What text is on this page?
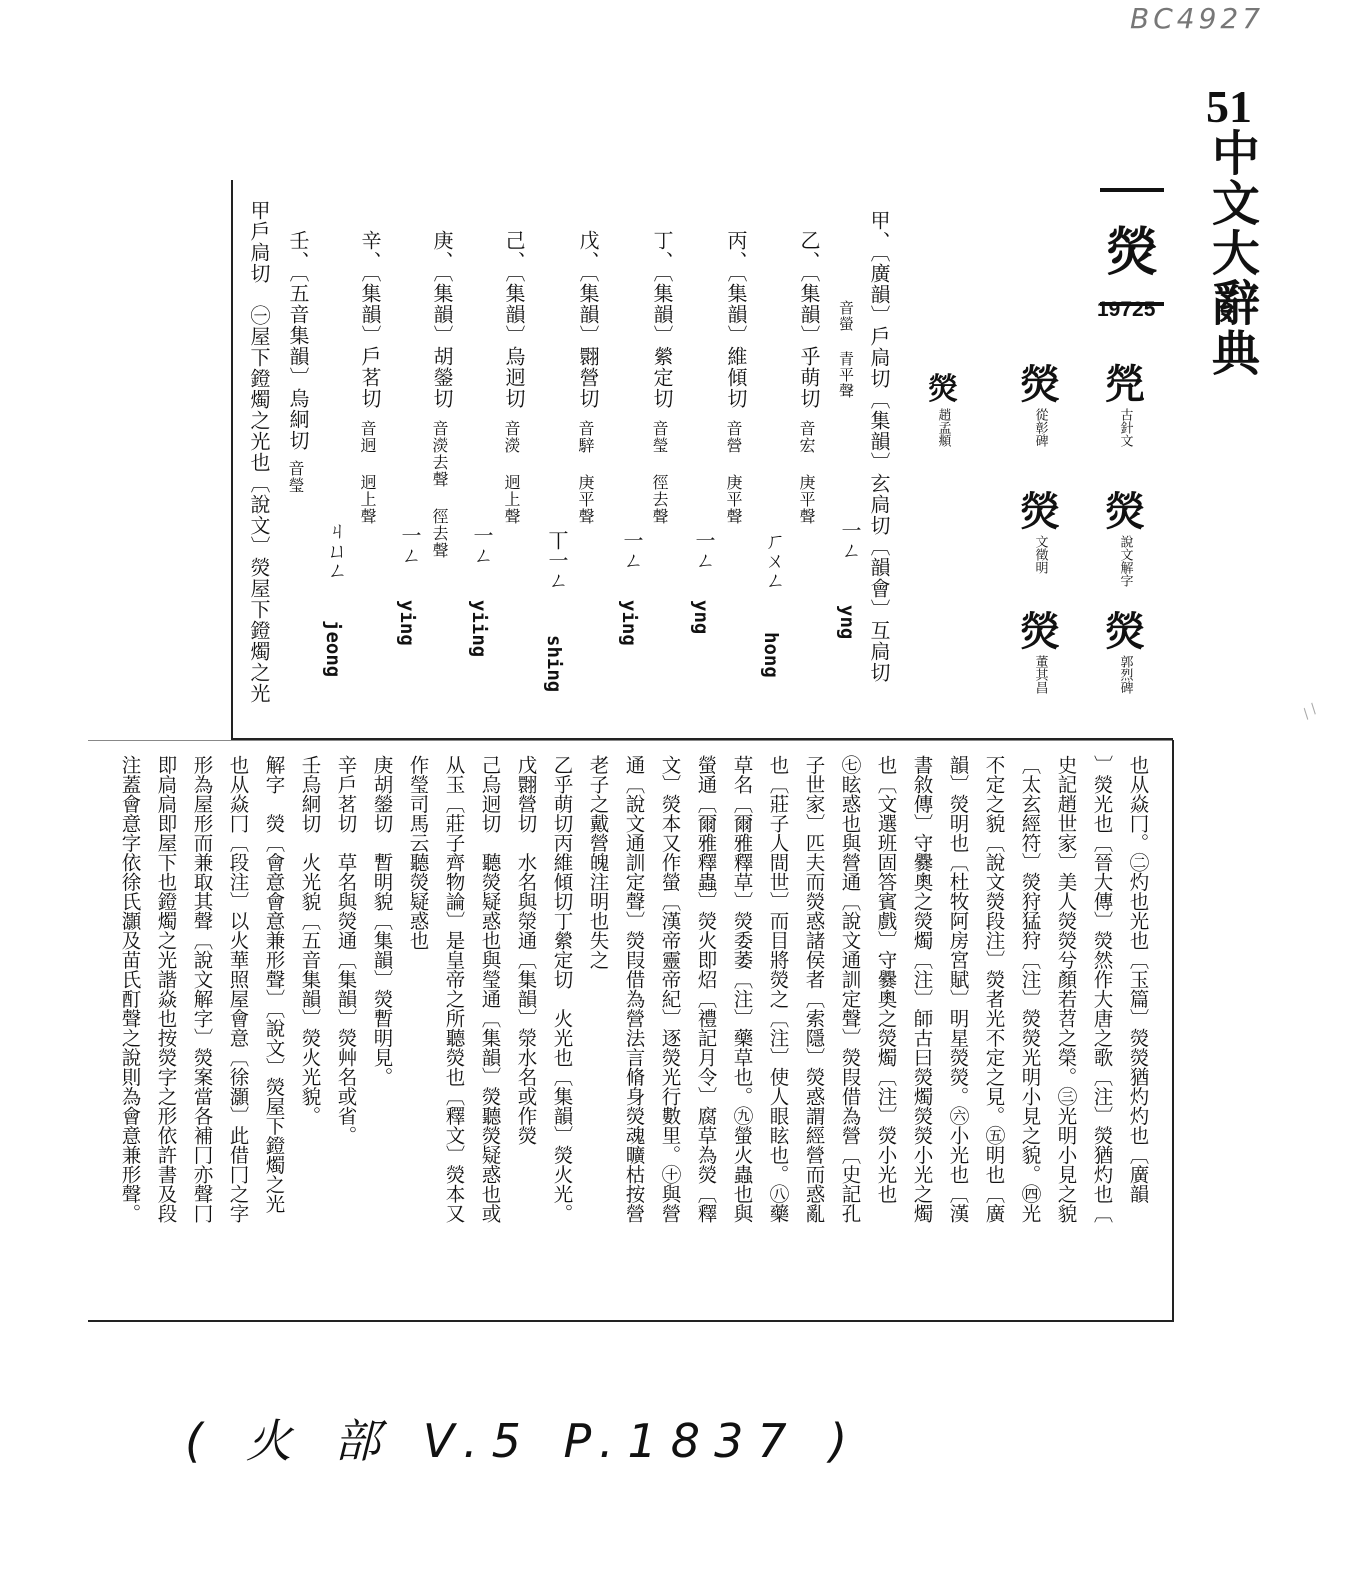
BC4927
51
中文大辭典
/ /
熒
19725
焭
古針文
熒
說文解字
熒
郭烈碑
熒
從彰碑
熒
文徵明
熒
董其昌
熒
趙孟頫
甲、〔廣韻〕戶扃切〔集韻〕玄扃切〔韻會〕互扃切
音螢 青平聲
一ㄥ
yng
乙、〔集韻〕乎萌切
音宏 庚平聲
ㄏㄨㄥ
hong
丙、〔集韻〕維傾切
音營 庚平聲
一ㄥ
yng
丁、〔集韻〕縈定切
音瑩 徑去聲
一ㄥ
ying
戊、〔集韻〕翾營切
音騂 庚平聲
丅一ㄥ
shing
己、〔集韻〕烏迥切
音濙 迥上聲
一ㄥ
yiing
庚、〔集韻〕胡鎣切
音濙去聲 徑去聲
一ㄥ
ying
辛、〔集韻〕戶茗切
音迥 迥上聲
ㄐㄩㄥ
jeong
壬、〔五音集韻〕烏絅切
音瑩
甲戶扃切　㊀屋下鐙燭之光也〔說文〕熒屋下鐙燭之光
也从焱冂。㊁灼也光也〔玉篇〕熒熒猶灼灼也〔廣韻
〕熒光也〔晉大傳〕熒然作大唐之歌〔注〕熒猶灼也〔
史記趙世家〕美人熒熒兮顏若苕之榮。㊂光明小見之貌
〔太玄經符〕熒狩猛狩〔注〕熒熒光明小見之貌。㊃光
不定之貌〔說文熒段注〕熒者光不定之見。㊄明也〔廣
韻〕熒明也〔杜牧阿房宮賦〕明星熒熒。㊅小光也〔漢
書敘傳〕守爨奧之熒燭〔注〕師古曰熒燭熒熒小光之燭
也〔文選班固答賓戲〕守爨奧之熒燭〔注〕熒小光也
㊆眩惑也與營通〔說文通訓定聲〕熒叚借為營〔史記孔
子世家〕匹夫而熒惑諸侯者〔索隱〕熒惑謂經營而惑亂
也〔莊子人間世〕而目將熒之〔注〕使人眼眩也。㊇藥
草名〔爾雅釋草〕熒委萎〔注〕藥草也。㊈螢火蟲也與
螢通〔爾雅釋蟲〕熒火即炤〔禮記月令〕腐草為熒〔釋
文〕熒本又作螢〔漢帝靈帝紀〕逐熒光行數里。㊉與營
通〔說文通訓定聲〕熒叚借為營法言脩身熒魂曠枯按營
老子之戴營魄注明也失之
乙乎萌切丙維傾切丁縈定切　火光也〔集韻〕熒火光。
戊翾營切　水名與滎通〔集韻〕滎水名或作熒
己烏迥切　聽熒疑惑也與瑩通〔集韻〕熒聽熒疑惑也或
从玉〔莊子齊物論〕是皇帝之所聽熒也〔釋文〕熒本又
作瑩司馬云聽熒疑惑也
庚胡鎣切　暫明貌〔集韻〕熒暫明見。
辛戶茗切　草名與熒通〔集韻〕熒艸名或省。
壬烏絅切　火光貌〔五音集韻〕熒火光貌。
解字　熒〔會意會意兼形聲〕〔說文〕熒屋下鐙燭之光
也从焱冂〔段注〕以火華照屋會意〔徐灝〕此借冂之字
形為屋形而兼取其聲〔說文解字〕熒案當各補冂亦聲冂
即扃扃即屋下也鐙燭之光諧焱也按熒字之形依許書及段
注蓋會意字依徐氏灝及苗氏酊聲之說則為會意兼形聲。
( 火 部 V.5 P.1837 )
